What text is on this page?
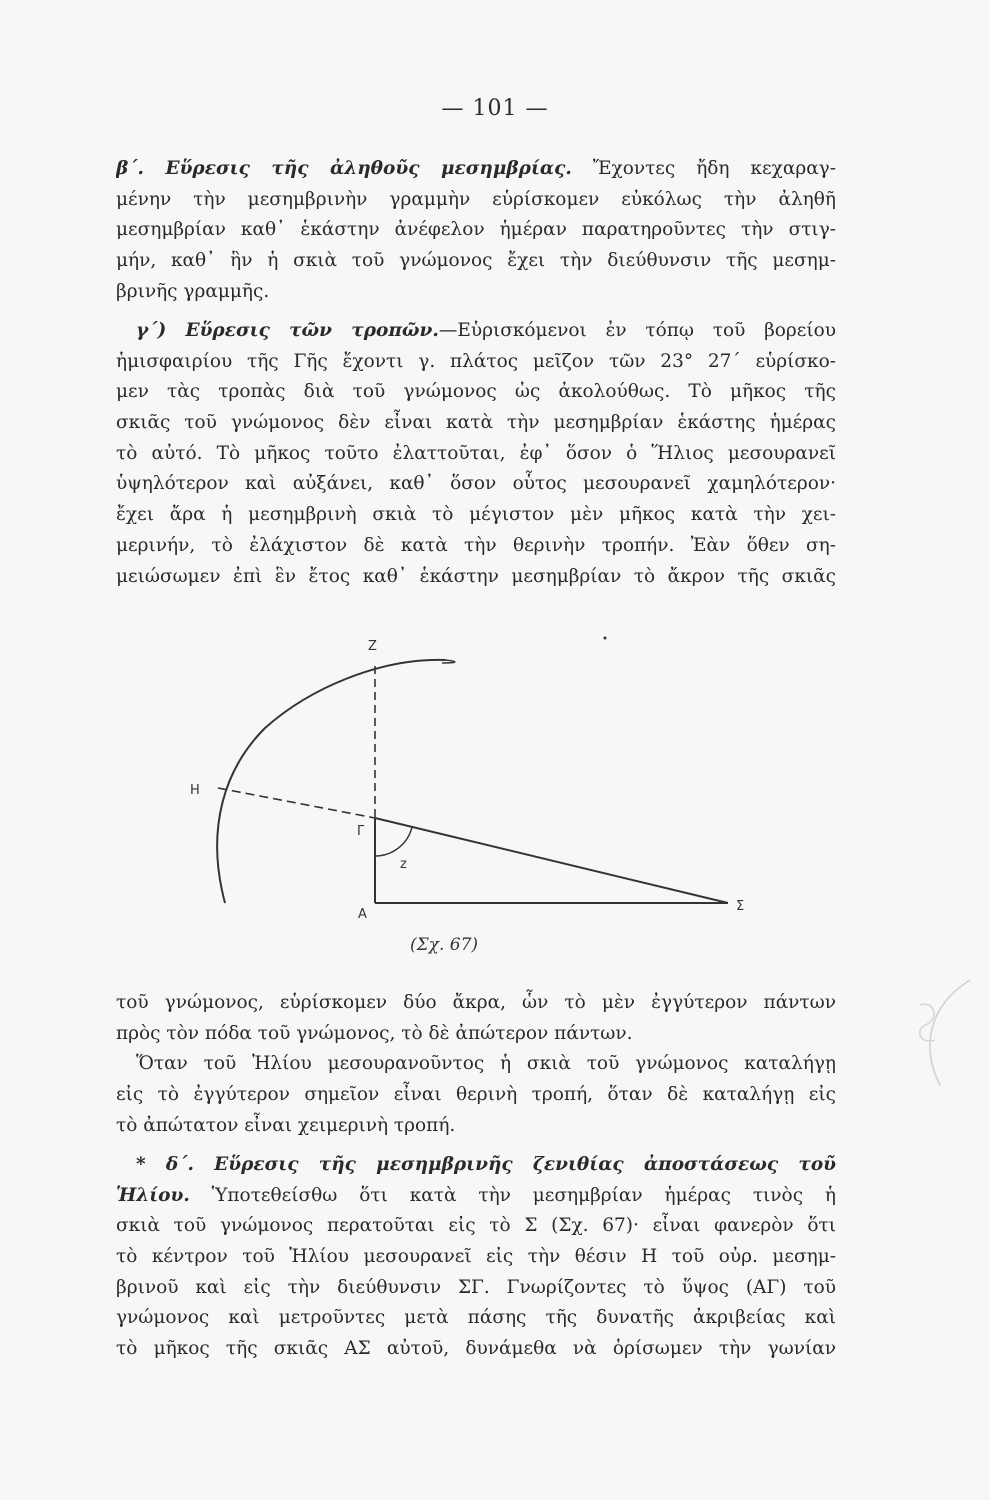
— 101 —
β΄. Εὕρεσις τῆς ἀληθοῦς μεσημβρίας. Ἔχοντες ἤδη κεχαραγ-
μένην τὴν μεσημβρινὴν γραμμὴν εὑρίσκομεν εὐκόλως τὴν ἀληθῆ
μεσημβρίαν καθ᾽ ἑκάστην ἀνέφελον ἡμέραν παρατηροῦντες τὴν στιγ-
μήν, καθ᾽ ἣν ἡ σκιὰ τοῦ γνώμονος ἔχει τὴν διεύθυνσιν τῆς μεσημ-
βρινῆς γραμμῆς.
γ΄) Εὕρεσις τῶν τροπῶν.—Εὑρισκόμενοι ἐν τόπῳ τοῦ βορείου
ἡμισφαιρίου τῆς Γῆς ἔχοντι γ. πλάτος μεῖζον τῶν 23° 27΄ εὑρίσκο-
μεν τὰς τροπὰς διὰ τοῦ γνώμονος ὡς ἀκολούθως. Τὸ μῆκος τῆς
σκιᾶς τοῦ γνώμονος δὲν εἶναι κατὰ τὴν μεσημβρίαν ἑκάστης ἡμέρας
τὸ αὐτό. Τὸ μῆκος τοῦτο ἐλαττοῦται, ἐφ᾽ ὅσον ὁ Ἥλιος μεσουρανεῖ
ὑψηλότερον καὶ αὐξάνει, καθ᾽ ὅσον οὗτος μεσουρανεῖ χαμηλότερον·
ἔχει ἄρα ἡ μεσημβρινὴ σκιὰ τὸ μέγιστον μὲν μῆκος κατὰ τὴν χει-
μερινήν, τὸ ἐλάχιστον δὲ κατὰ τὴν θερινὴν τροπήν. Ἐὰν ὅθεν ση-
μειώσωμεν ἐπὶ ἓν ἔτος καθ᾽ ἑκάστην μεσημβρίαν τὸ ἄκρον τῆς σκιᾶς
Z
H
Γ
z
A
Σ
(Σχ. 67)
τοῦ γνώμονος, εὑρίσκομεν δύο ἄκρα, ὧν τὸ μὲν ἐγγύτερον πάντων
πρὸς τὸν πόδα τοῦ γνώμονος, τὸ δὲ ἀπώτερον πάντων.
Ὅταν τοῦ Ἡλίου μεσουρανοῦντος ἡ σκιὰ τοῦ γνώμονος καταλήγῃ
εἰς τὸ ἐγγύτερον σημεῖον εἶναι θερινὴ τροπή, ὅταν δὲ καταλήγῃ εἰς
τὸ ἀπώτατον εἶναι χειμερινὴ τροπή.
* δ΄. Εὕρεσις τῆς μεσημβρινῆς ζενιθίας ἀποστάσεως τοῦ
Ἡλίου. Ὑποτεθείσθω ὅτι κατὰ τὴν μεσημβρίαν ἡμέρας τινὸς ἡ
σκιὰ τοῦ γνώμονος περατοῦται εἰς τὸ Σ (Σχ. 67)· εἶναι φανερὸν ὅτι
τὸ κέντρον τοῦ Ἡλίου μεσουρανεῖ εἰς τὴν θέσιν Η τοῦ οὐρ. μεσημ-
βρινοῦ καὶ εἰς τὴν διεύθυνσιν ΣΓ. Γνωρίζοντες τὸ ὕψος (ΑΓ) τοῦ
γνώμονος καὶ μετροῦντες μετὰ πάσης τῆς δυνατῆς ἀκριβείας καὶ
τὸ μῆκος τῆς σκιᾶς ΑΣ αὐτοῦ, δυνάμεθα νὰ ὁρίσωμεν τὴν γωνίαν
